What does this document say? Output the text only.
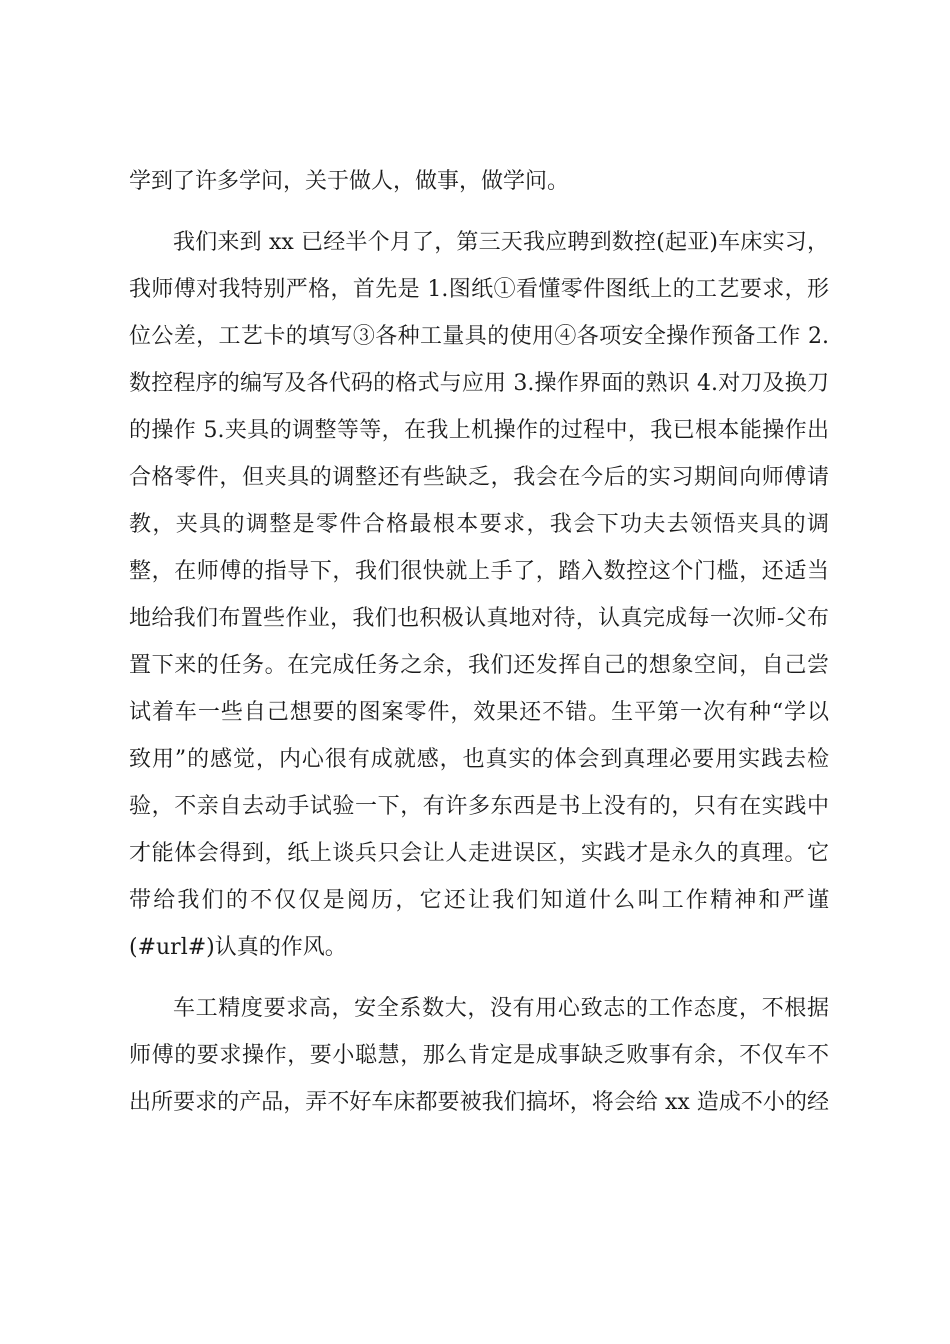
学到了许多学问，关于做人，做事，做学问。
我们来到 xx 已经半个月了，第三天我应聘到数控(起亚)车床实习，
我师傅对我特别严格，首先是 1.图纸①看懂零件图纸上的工艺要求，形
位公差，工艺卡的填写③各种工量具的使用④各项安全操作预备工作 2.
数控程序的编写及各代码的格式与应用 3.操作界面的熟识 4.对刀及换刀
的操作 5.夹具的调整等等，在我上机操作的过程中，我已根本能操作出
合格零件，但夹具的调整还有些缺乏，我会在今后的实习期间向师傅请
教，夹具的调整是零件合格最根本要求，我会下功夫去领悟夹具的调
整，在师傅的指导下，我们很快就上手了，踏入数控这个门槛，还适当
地给我们布置些作业，我们也积极认真地对待，认真完成每一次师-父布
置下来的任务。在完成任务之余，我们还发挥自己的想象空间，自己尝
试着车一些自己想要的图案零件，效果还不错。生平第一次有种“学以
致用”的感觉，内心很有成就感，也真实的体会到真理必要用实践去检
验，不亲自去动手试验一下，有许多东西是书上没有的，只有在实践中
才能体会得到，纸上谈兵只会让人走进误区，实践才是永久的真理。它
带给我们的不仅仅是阅历，它还让我们知道什么叫工作精神和严谨
(#url#)认真的作风。
车工精度要求高，安全系数大，没有用心致志的工作态度，不根据
师傅的要求操作，要小聪慧，那么肯定是成事缺乏败事有余，不仅车不
出所要求的产品，弄不好车床都要被我们搞坏，将会给 xx 造成不小的经
